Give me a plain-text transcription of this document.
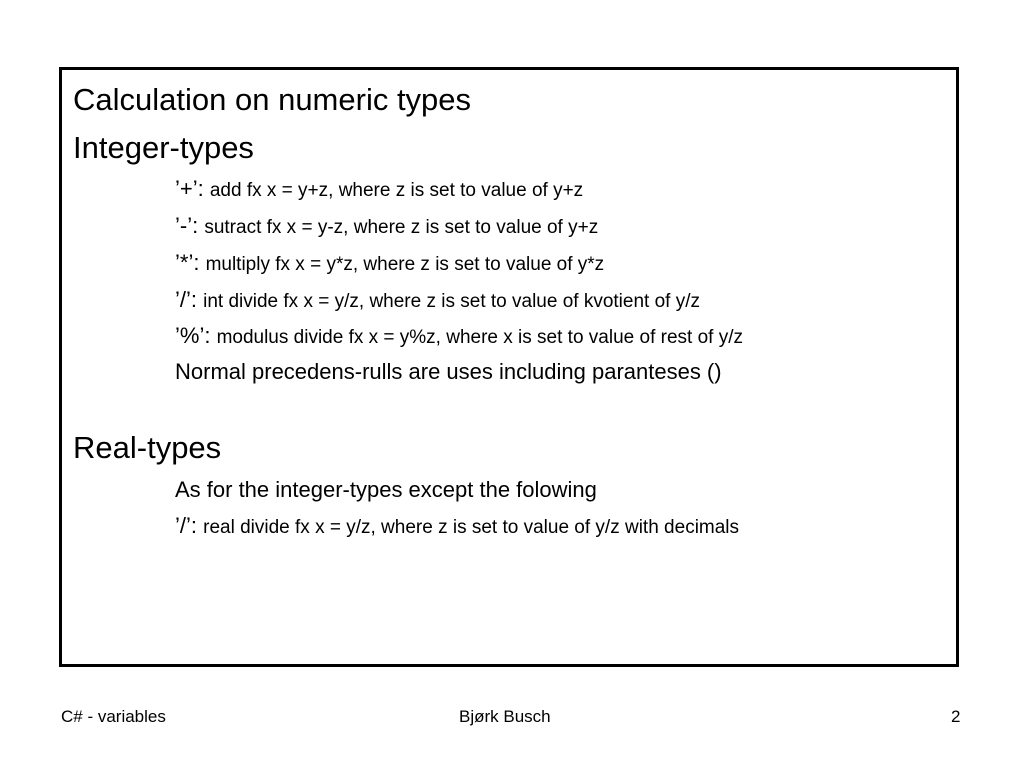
Calculation on numeric types
Integer-types
’+’: add fx x = y+z, where z is set to value of y+z
’-’: sutract fx x = y-z, where z is set to value of y+z
’*’: multiply fx x = y*z, where z is set to value of y*z
’/’: int divide fx x = y/z, where z is set to value of kvotient of y/z
’%’: modulus divide fx x = y%z, where x is set to value of rest of y/z
Normal precedens-rulls are uses including paranteses ()
Real-types
As for the integer-types except the folowing
’/’: real divide fx x = y/z, where z is set to value of y/z with decimals
C# - variables	Bjørk Busch	2
